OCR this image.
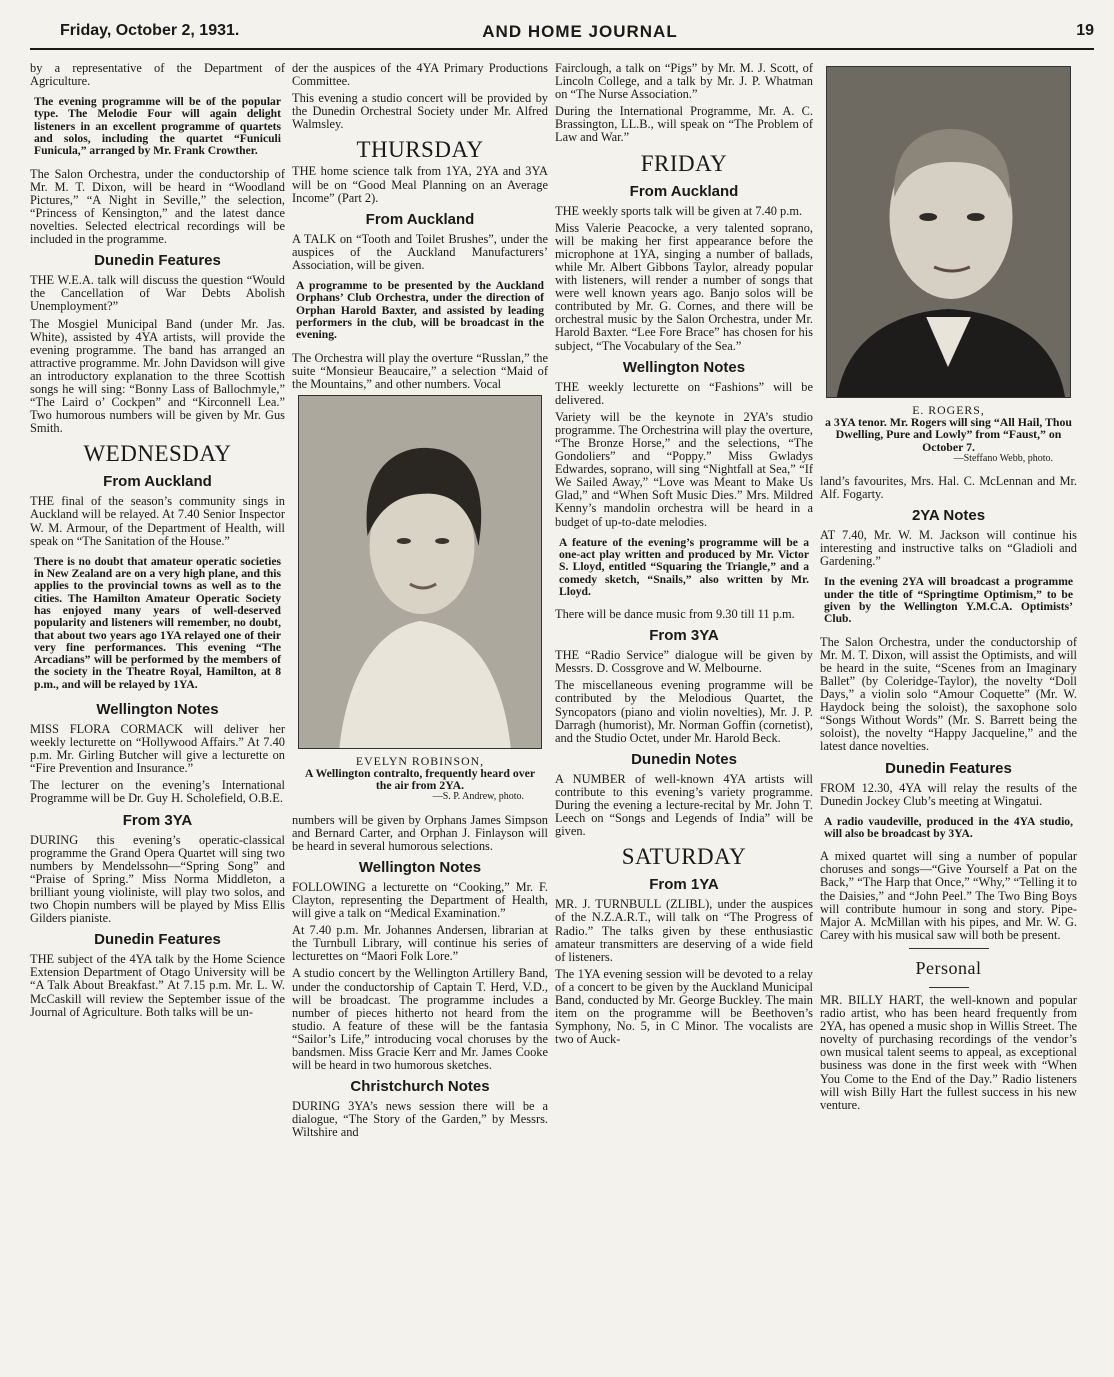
Friday, October 2, 1931.	AND HOME JOURNAL	19

by a representative of the Department of Agriculture.

The evening programme will be of the popular type. The Melodie Four will again delight listeners in an excellent programme of quartets and solos, including the quartet “Funiculi Funicula,” arranged by Mr. Frank Crowther.

The Salon Orchestra, under the conductorship of Mr. M. T. Dixon, will be heard in “Woodland Pictures,” “A Night in Seville,” the selection, “Princess of Kensington,” and the latest dance novelties. Selected electrical recordings will be included in the programme.

Dunedin Features

THE W.E.A. talk will discuss the question “Would the Cancellation of War Debts Abolish Unemployment?”

The Mosgiel Municipal Band (under Mr. Jas. White), assisted by 4YA artists, will provide the evening programme. The band has arranged an attractive programme. Mr. John Davidson will give an introductory explanation to the three Scottish songs he will sing: “Bonny Lass of Ballochmyle,” “The Laird o’ Cockpen” and “Kirconnell Lea.” Two humorous numbers will be given by Mr. Gus Smith.

WEDNESDAY
From Auckland

THE final of the season’s community sings in Auckland will be relayed. At 7.40 Senior Inspector W. M. Armour, of the Department of Health, will speak on “The Sanitation of the House.”

There is no doubt that amateur operatic societies in New Zealand are on a very high plane, and this applies to the provincial towns as well as to the cities. The Hamilton Amateur Operatic Society has enjoyed many years of well-deserved popularity and listeners will remember, no doubt, that about two years ago 1YA relayed one of their very fine performances. This evening “The Arcadians” will be performed by the members of the society in the Theatre Royal, Hamilton, at 8 p.m., and will be relayed by 1YA.

Wellington Notes

MISS FLORA CORMACK will deliver her weekly lecturette on “Hollywood Affairs.” At 7.40 p.m. Mr. Girling Butcher will give a lecturette on “Fire Prevention and Insurance.”

The lecturer on the evening’s International Programme will be Dr. Guy H. Scholefield, O.B.E.

From 3YA

DURING this evening’s operatic-classical programme the Grand Opera Quartet will sing two numbers by Mendelssohn—“Spring Song” and “Praise of Spring.” Miss Norma Middleton, a brilliant young violiniste, will play two solos, and two Chopin numbers will be played by Miss Ellis Gilders pianiste.

Dunedin Features

THE subject of the 4YA talk by the Home Science Extension Department of Otago University will be “A Talk About Breakfast.” At 7.15 p.m. Mr. L. W. McCaskill will review the September issue of the Journal of Agriculture. Both talks will be un-

der the auspices of the 4YA Primary Productions Committee.

This evening a studio concert will be provided by the Dunedin Orchestral Society under Mr. Alfred Walmsley.

THURSDAY

THE home science talk from 1YA, 2YA and 3YA will be on “Good Meal Planning on an Average Income” (Part 2).

From Auckland

A TALK on “Tooth and Toilet Brushes”, under the auspices of the Auckland Manufacturers’ Association, will be given.

A programme to be presented by the Auckland Orphans’ Club Orchestra, under the direction of Orphan Harold Baxter, and assisted by leading performers in the club, will be broadcast in the evening.

The Orchestra will play the overture “Russlan,” the suite “Monsieur Beaucaire,” a selection “Maid of the Mountains,” and other numbers. Vocal

EVELYN ROBINSON,
A Wellington contralto, frequently heard over the air from 2YA.
—S. P. Andrew, photo.

numbers will be given by Orphans James Simpson and Bernard Carter, and Orphan J. Finlayson will be heard in several humorous selections.

Wellington Notes

FOLLOWING a lecturette on “Cooking,” Mr. F. Clayton, representing the Department of Health, will give a talk on “Medical Examination.”

At 7.40 p.m. Mr. Johannes Andersen, librarian at the Turnbull Library, will continue his series of lecturettes on “Maori Folk Lore.”

A studio concert by the Wellington Artillery Band, under the conductorship of Captain T. Herd, V.D., will be broadcast. The programme includes a number of pieces hitherto not heard from the studio. A feature of these will be the fantasia “Sailor’s Life,” introducing vocal choruses by the bandsmen. Miss Gracie Kerr and Mr. James Cooke will be heard in two humorous sketches.

Christchurch Notes

DURING 3YA’s news session there will be a dialogue, “The Story of the Garden,” by Messrs. Wiltshire and

Fairclough, a talk on “Pigs” by Mr. M. J. Scott, of Lincoln College, and a talk by Mr. J. P. Whatman on “The Nurse Association.”

During the International Programme, Mr. A. C. Brassington, LL.B., will speak on “The Problem of Law and War.”

FRIDAY
From Auckland

THE weekly sports talk will be given at 7.40 p.m.

Miss Valerie Peacocke, a very talented soprano, will be making her first appearance before the microphone at 1YA, singing a number of ballads, while Mr. Albert Gibbons Taylor, already popular with listeners, will render a number of songs that were well known years ago. Banjo solos will be contributed by Mr. G. Cornes, and there will be orchestral music by the Salon Orchestra, under Mr. Harold Baxter. “Lee Fore Brace” has chosen for his subject, “The Vocabulary of the Sea.”

Wellington Notes

THE weekly lecturette on “Fashions” will be delivered.

Variety will be the keynote in 2YA’s studio programme. The Orchestrina will play the overture, “The Bronze Horse,” and the selections, “The Gondoliers” and “Poppy.” Miss Gwladys Edwardes, soprano, will sing “Nightfall at Sea,” “If We Sailed Away,” “Love was Meant to Make Us Glad,” and “When Soft Music Dies.” Mrs. Mildred Kenny’s mandolin orchestra will be heard in a budget of up-to-date melodies.

A feature of the evening’s programme will be a one-act play written and produced by Mr. Victor S. Lloyd, entitled “Squaring the Triangle,” and a comedy sketch, “Snails,” also written by Mr. Lloyd.

There will be dance music from 9.30 till 11 p.m.

From 3YA

THE “Radio Service” dialogue will be given by Messrs. D. Cossgrove and W. Melbourne.

The miscellaneous evening programme will be contributed by the Melodious Quartet, the Syncopators (piano and violin novelties), Mr. J. P. Darragh (humorist), Mr. Norman Goffin (cornetist), and the Studio Octet, under Mr. Harold Beck.

Dunedin Notes

A NUMBER of well-known 4YA artists will contribute to this evening’s variety programme. During the evening a lecture-recital by Mr. John T. Leech on “Songs and Legends of India” will be given.

SATURDAY
From 1YA

MR. J. TURNBULL (ZLIBL), under the auspices of the N.Z.A.R.T., will talk on “The Progress of Radio.” The talks given by these enthusiastic amateur transmitters are deserving of a wide field of listeners.

The 1YA evening session will be devoted to a relay of a concert to be given by the Auckland Municipal Band, conducted by Mr. George Buckley. The main item on the programme will be Beethoven’s Symphony, No. 5, in C Minor. The vocalists are two of Auck-

E. ROGERS,
a 3YA tenor. Mr. Rogers will sing “All Hail, Thou Dwelling, Pure and Lowly” from “Faust,” on October 7.
—Steffano Webb, photo.

land’s favourites, Mrs. Hal. C. McLennan and Mr. Alf. Fogarty.

2YA Notes

AT 7.40, Mr. W. M. Jackson will continue his interesting and instructive talks on “Gladioli and Gardening.”

In the evening 2YA will broadcast a programme under the title of “Springtime Optimism,” to be given by the Wellington Y.M.C.A. Optimists’ Club.

The Salon Orchestra, under the conductorship of Mr. M. T. Dixon, will assist the Optimists, and will be heard in the suite, “Scenes from an Imaginary Ballet” (by Coleridge-Taylor), the novelty “Doll Days,” a violin solo “Amour Coquette” (Mr. W. Haydock being the soloist), the saxophone solo “Songs Without Words” (Mr. S. Barrett being the soloist), the novelty “Happy Jacqueline,” and the latest dance novelties.

Dunedin Features

FROM 12.30, 4YA will relay the results of the Dunedin Jockey Club’s meeting at Wingatui.

A radio vaudeville, produced in the 4YA studio, will also be broadcast by 3YA.

A mixed quartet will sing a number of popular choruses and songs—“Give Yourself a Pat on the Back,” “The Harp that Once,” “Why,” “Telling it to the Daisies,” and “John Peel.” The Two Bing Boys will contribute humour in song and story. Pipe-Major A. McMillan with his pipes, and Mr. W. G. Carey with his musical saw will both be present.

Personal

MR. BILLY HART, the well-known and popular radio artist, who has been heard frequently from 2YA, has opened a music shop in Willis Street. The novelty of purchasing recordings of the vendor’s own musical talent seems to appeal, as exceptional business was done in the first week with “When You Come to the End of the Day.” Radio listeners will wish Billy Hart the fullest success in his new venture.
